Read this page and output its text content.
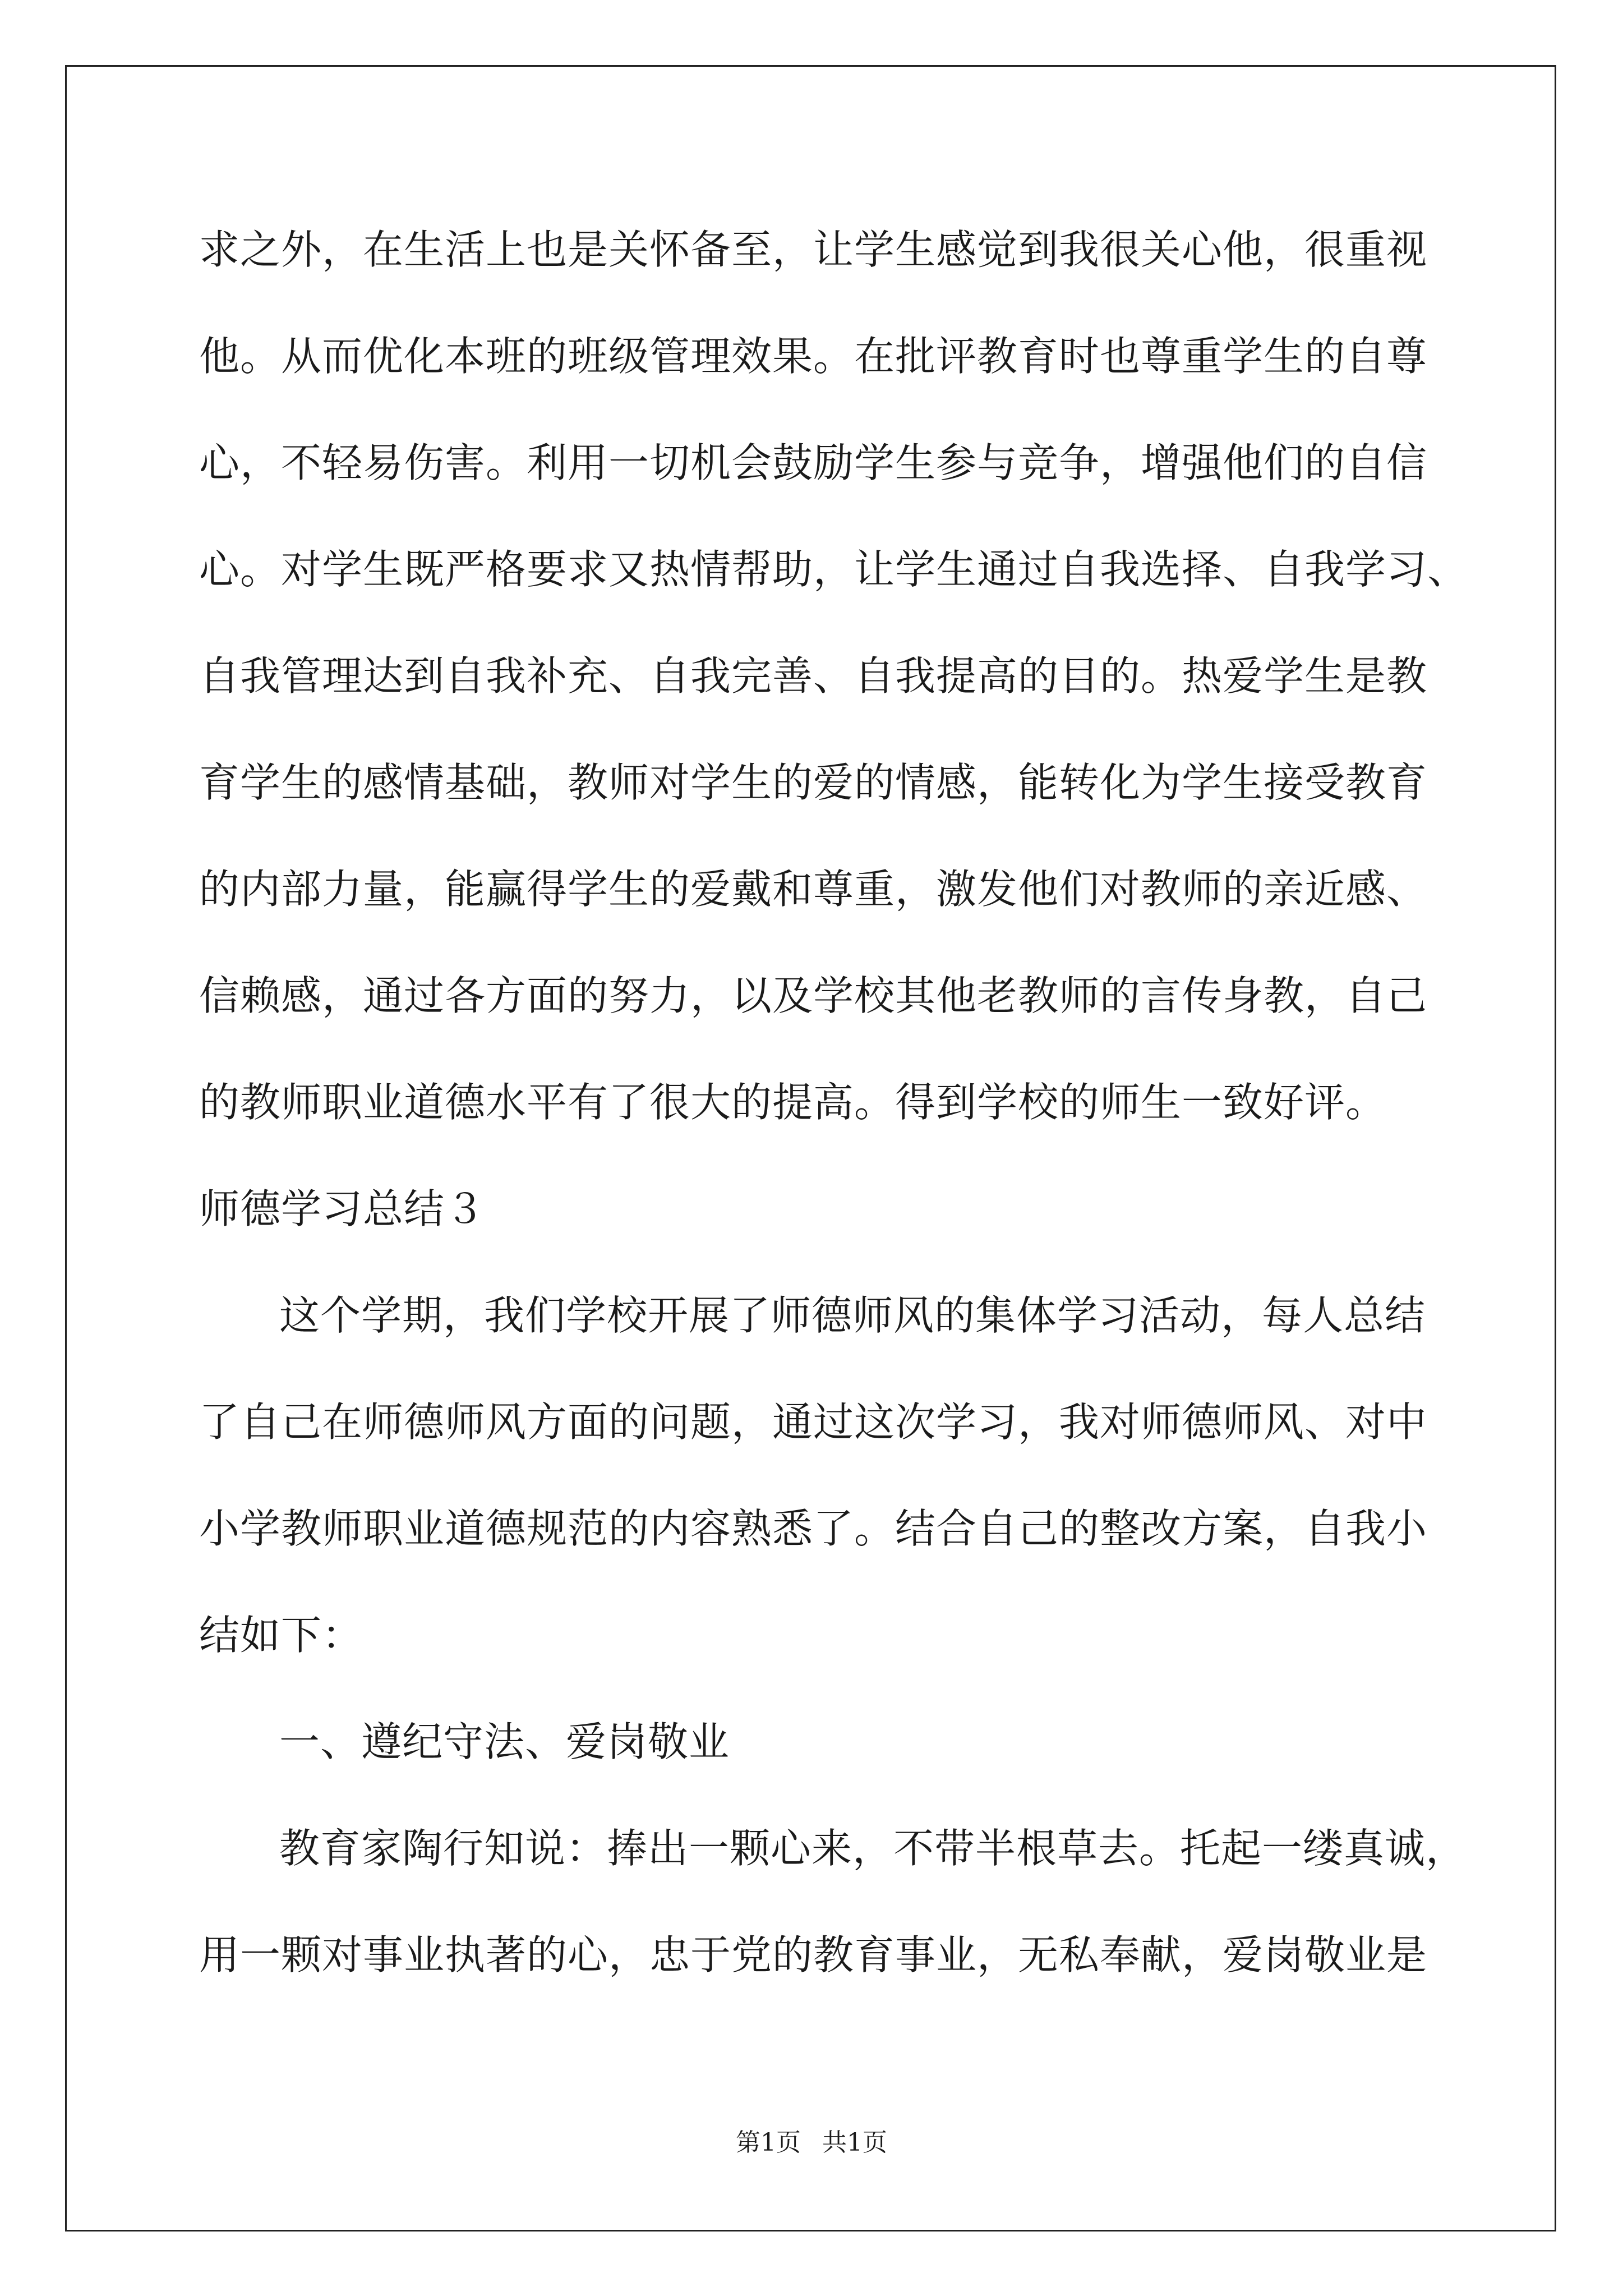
求之外，在生活上也是关怀备至，让学生感觉到我很关心他，很重视
他。从而优化本班的班级管理效果。在批评教育时也尊重学生的自尊
心，不轻易伤害。利用一切机会鼓励学生参与竞争，增强他们的自信
心。对学生既严格要求又热情帮助，让学生通过自我选择、自我学习、
自我管理达到自我补充、自我完善、自我提高的目的。热爱学生是教
育学生的感情基础，教师对学生的爱的情感，能转化为学生接受教育
的内部力量，能赢得学生的爱戴和尊重，激发他们对教师的亲近感、
信赖感，通过各方面的努力，以及学校其他老教师的言传身教，自己
的教师职业道德水平有了很大的提高。得到学校的师生一致好评。
师德学习总结３
这个学期，我们学校开展了师德师风的集体学习活动，每人总结
了自己在师德师风方面的问题，通过这次学习，我对师德师风、对中
小学教师职业道德规范的内容熟悉了。结合自己的整改方案，自我小
结如下：
一、遵纪守法、爱岗敬业
教育家陶行知说：捧出一颗心来，不带半根草去。托起一缕真诚，
用一颗对事业执著的心，忠于党的教育事业，无私奉献，爱岗敬业是
第1页 共1页
